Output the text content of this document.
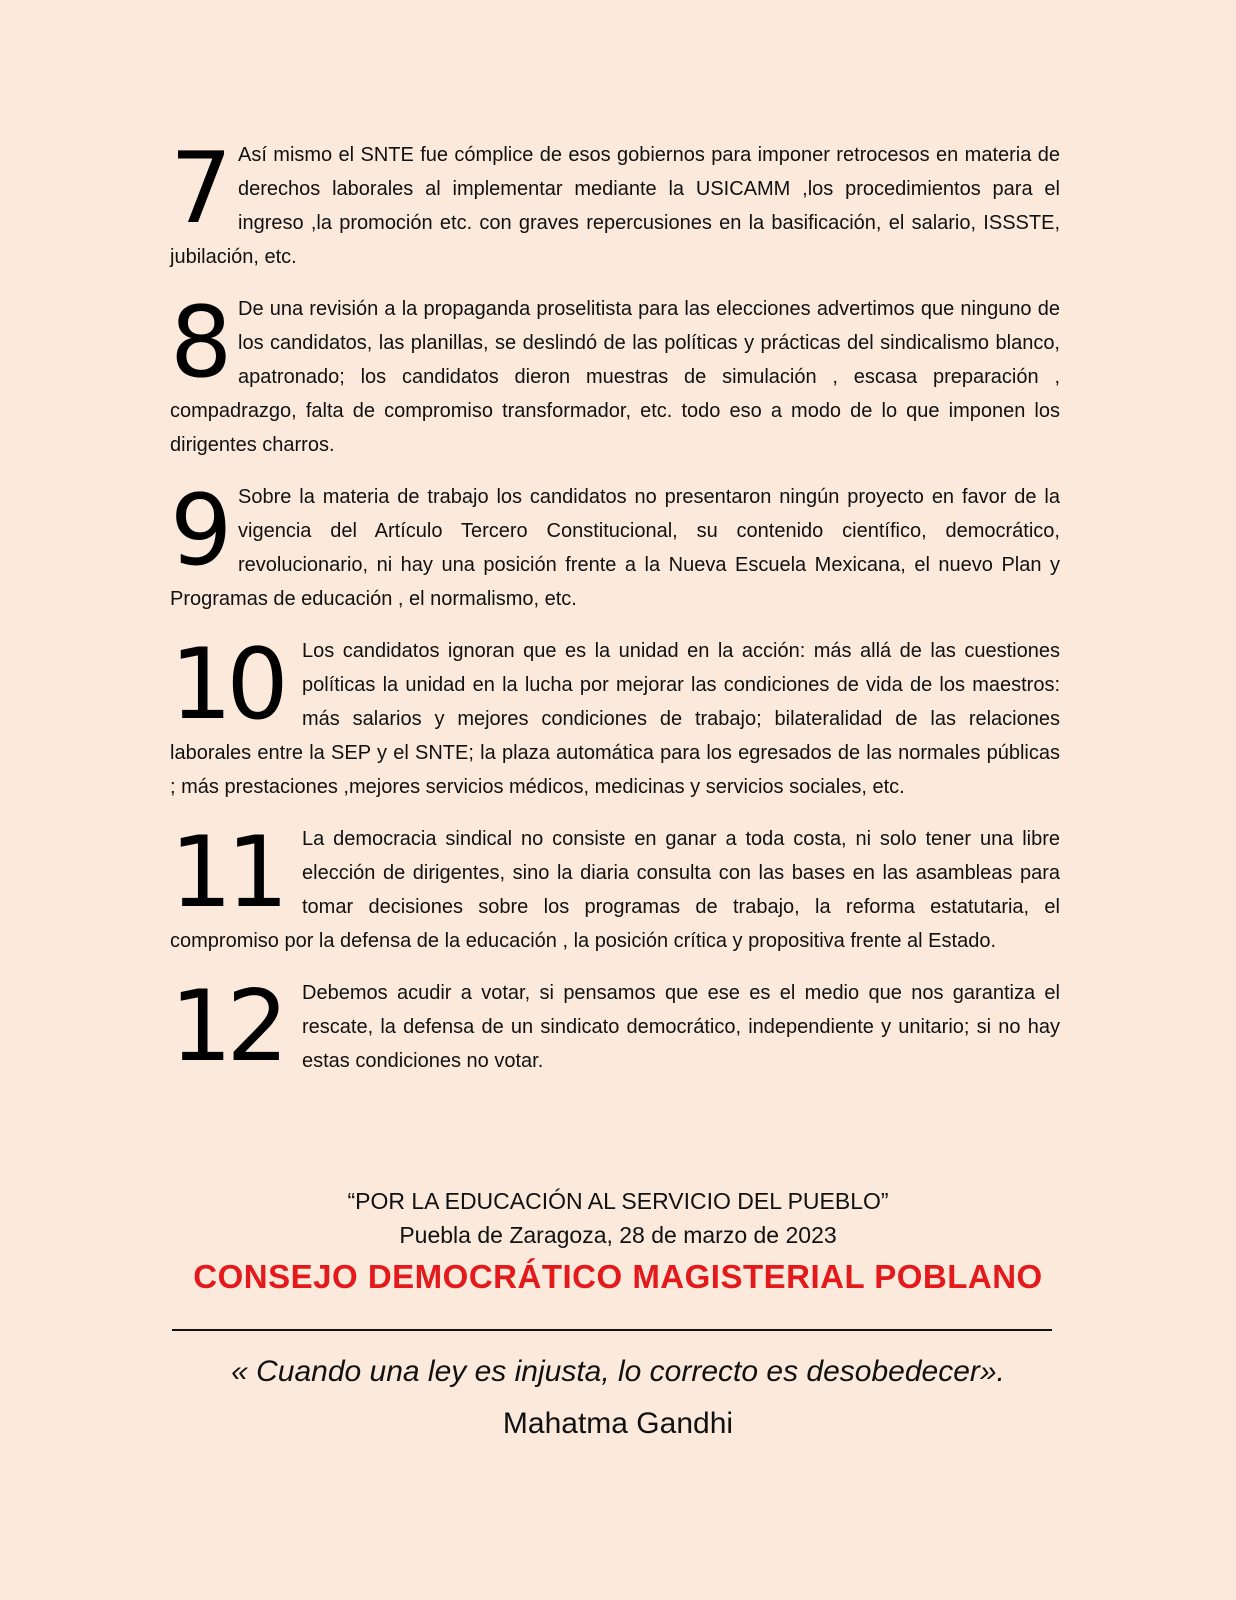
7 Así mismo el SNTE fue cómplice de esos gobiernos para imponer retrocesos en materia de derechos laborales al implementar mediante la USICAMM ,los procedimientos para el ingreso ,la promoción etc. con graves repercusiones en la basificación, el salario, ISSSTE, jubilación, etc.
8 De una revisión a la propaganda proselitista para las elecciones advertimos que ninguno de los candidatos, las planillas, se deslindó de las políticas y prácticas del sindicalismo blanco, apatronado; los candidatos dieron muestras de simulación , escasa preparación , compadrazgo, falta de compromiso transformador, etc. todo eso a modo de lo que imponen los dirigentes charros.
9 Sobre la materia de trabajo los candidatos no presentaron ningún proyecto en favor de la vigencia del Artículo Tercero Constitucional, su contenido científico, democrático, revolucionario, ni hay una posición frente a la Nueva Escuela Mexicana, el nuevo Plan y Programas de educación , el normalismo, etc.
10 Los candidatos ignoran que es la unidad en la acción: más allá de las cuestiones políticas la unidad en la lucha por mejorar las condiciones de vida de los maestros: más salarios y mejores condiciones de trabajo; bilateralidad de las relaciones laborales entre la SEP y el SNTE; la plaza automática para los egresados de las normales públicas ; más prestaciones ,mejores servicios médicos, medicinas y servicios sociales, etc.
11 La democracia sindical no consiste en ganar a toda costa, ni solo tener una libre elección de dirigentes, sino la diaria consulta con las bases en las asambleas para tomar decisiones sobre los programas de trabajo, la reforma estatutaria, el compromiso por la defensa de la educación , la posición crítica y propositiva frente al Estado.
12 Debemos acudir a votar, si pensamos que ese es el medio que nos garantiza el rescate, la defensa de un sindicato democrático, independiente y unitario; si no hay estas condiciones no votar.
“POR LA EDUCACIÓN AL SERVICIO DEL PUEBLO”
Puebla de Zaragoza, 28 de marzo de 2023
CONSEJO DEMOCRÁTICO MAGISTERIAL POBLANO
« Cuando una ley es injusta, lo correcto es desobedecer».
Mahatma Gandhi
